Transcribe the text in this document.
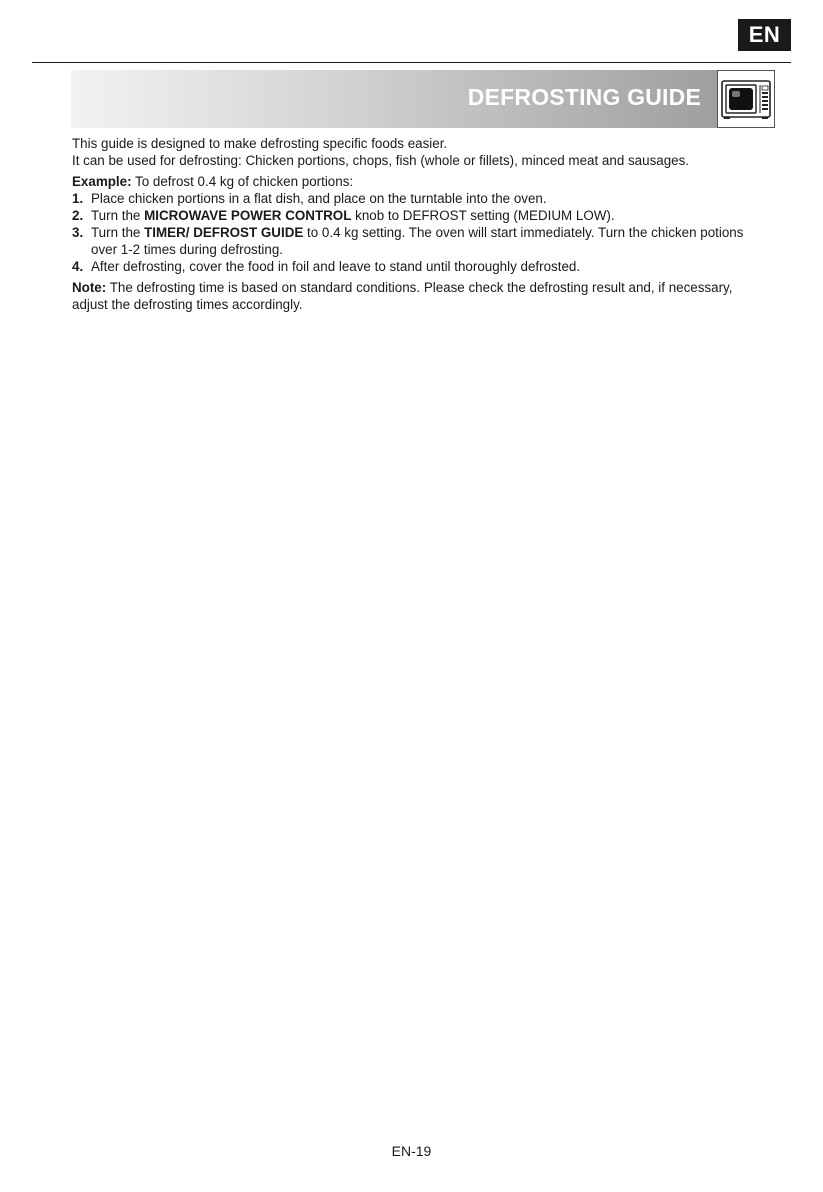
EN
DEFROSTING GUIDE

This guide is designed to make defrosting specific foods easier.

It can be used for defrosting: Chicken portions, chops, fish (whole or fillets), minced meat and sausages.

Example: To defrost 0.4 kg of chicken portions:

1. Place chicken portions in a flat dish, and place on the turntable into the oven.
2. Turn the MICROWAVE POWER CONTROL knob to DEFROST setting (MEDIUM LOW).
3. Turn the TIMER/ DEFROST GUIDE to 0.4 kg setting. The oven will start immediately. Turn the chicken potions over 1-2 times during defrosting.
4. After defrosting, cover the food in foil and leave to stand until thoroughly defrosted.

Note: The defrosting time is based on standard conditions. Please check the defrosting result and, if necessary, adjust the defrosting times accordingly.

EN-19
